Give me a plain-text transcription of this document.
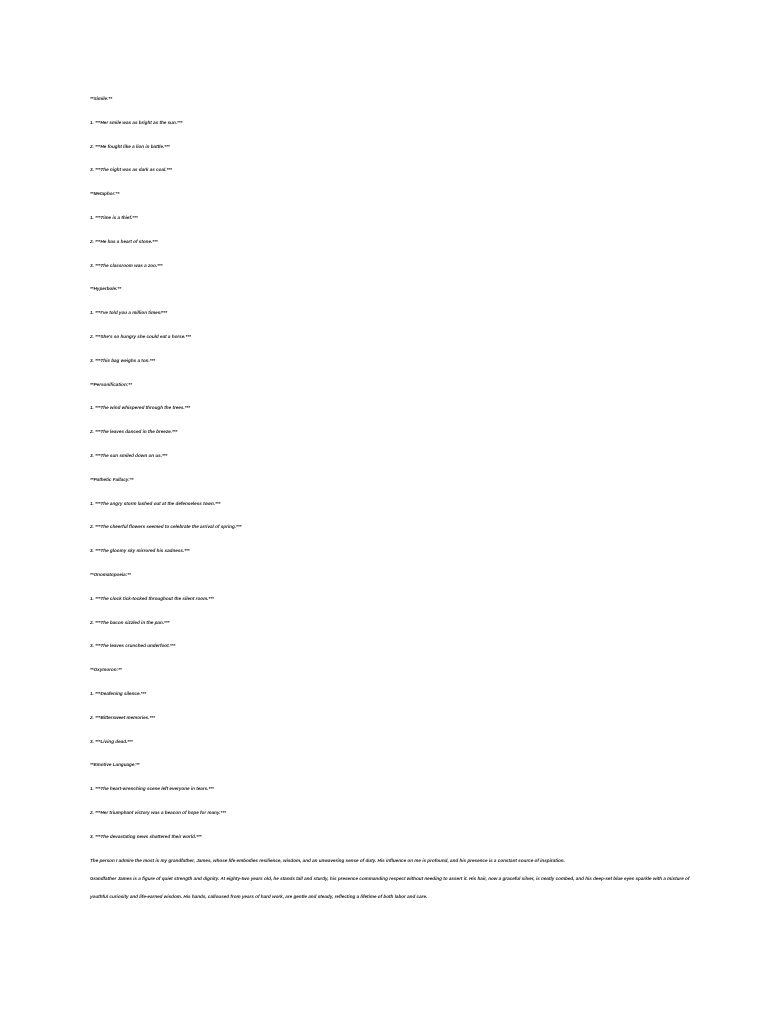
**Simile:**
1. ***Her smile was as bright as the sun.***
2. ***He fought like a lion in battle.***
3. ***The night was as dark as coal.***
**Metaphor:**
1. ***Time is a thief.***
2. ***He has a heart of stone.***
3. ***The classroom was a zoo.***
**Hyperbole:**
1. ***I've told you a million times!***
2. ***She's so hungry she could eat a horse.***
3. ***This bag weighs a ton.***
**Personification:**
1. ***The wind whispered through the trees.***
2. ***The leaves danced in the breeze.***
3. ***The sun smiled down on us.***
**Pathetic Fallacy:**
1. ***The angry storm lashed out at the defenseless town.***
2. ***The cheerful flowers seemed to celebrate the arrival of spring.***
3. ***The gloomy sky mirrored his sadness.***
**Onomatopoeia:**
1. ***The clock tick-tocked throughout the silent room.***
2. ***The bacon sizzled in the pan.***
3. ***The leaves crunched underfoot.***
**Oxymoron:**
1. ***Deafening silence.***
2. ***Bittersweet memories.***
3. ***Living dead.***
**Emotive Language:**
1. ***The heart-wrenching scene left everyone in tears.***
2. ***Her triumphant victory was a beacon of hope for many.***
3. ***The devastating news shattered their world.***

The person I admire the most is my grandfather, James, whose life embodies resilience, wisdom, and an unwavering sense of duty. His influence on me is profound, and his presence is a constant source of inspiration.

Grandfather James is a figure of quiet strength and dignity. At eighty-two years old, he stands tall and sturdy, his presence commanding respect without needing to assert it. His hair, now a graceful silver, is neatly combed, and his deep-set blue eyes sparkle with a mixture of youthful curiosity and life-earned wisdom. His hands, calloused from years of hard work, are gentle and steady, reflecting a lifetime of both labor and care.
